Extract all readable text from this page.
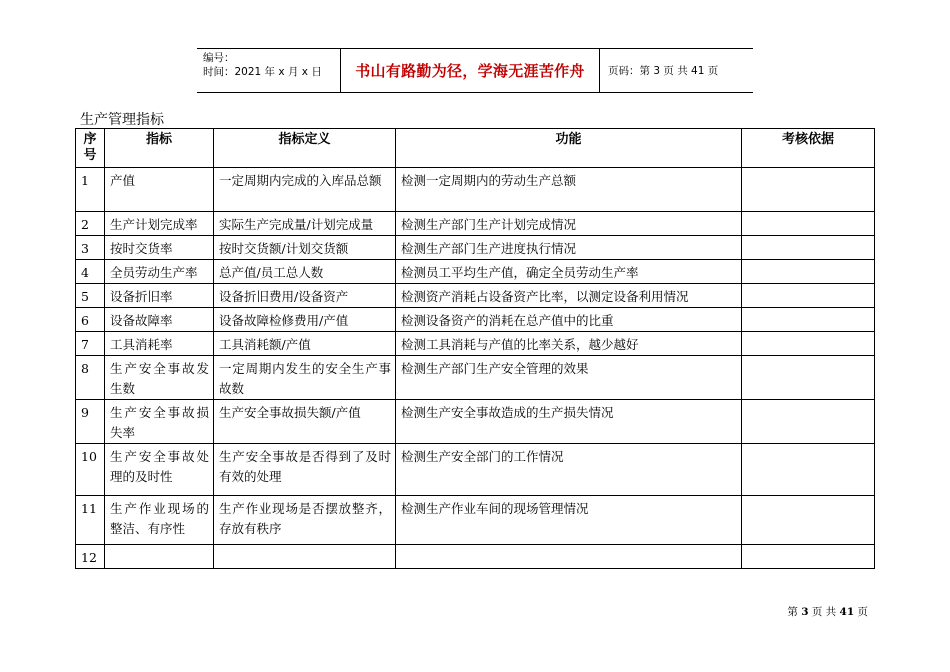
编号：
时间：2021 年 x 月 x 日	书山有路勤为径，学海无涯苦作舟	页码：第 3 页 共 41 页
生产管理指标
序
号	指标	指标定义	功能	考核依据
1	产值	一定周期内完成的入库品总额	检测一定周期内的劳动生产总额	
2	生产计划完成率	实际生产完成量/计划完成量	检测生产部门生产计划完成情况	
3	按时交货率	按时交货额/计划交货额	检测生产部门生产进度执行情况	
4	全员劳动生产率	总产值/员工总人数	检测员工平均生产值，确定全员劳动生产率	
5	设备折旧率	设备折旧费用/设备资产	检测资产消耗占设备资产比率，以测定设备利用情况	
6	设备故障率	设备故障检修费用/产值	检测设备资产的消耗在总产值中的比重	
7	工具消耗率	工具消耗额/产值	检测工具消耗与产值的比率关系，越少越好	
8	生产安全事故发生数	一定周期内发生的安全生产事故数	检测生产部门生产安全管理的效果	
9	生产安全事故损失率	生产安全事故损失额/产值	检测生产安全事故造成的生产损失情况	
10	生产安全事故处理的及时性	生产安全事故是否得到了及时有效的处理	检测生产安全部门的工作情况	
11	生产作业现场的整洁、有序性	生产作业现场是否摆放整齐，存放有秩序	检测生产作业车间的现场管理情况	
12				
第 3 页 共 41 页
